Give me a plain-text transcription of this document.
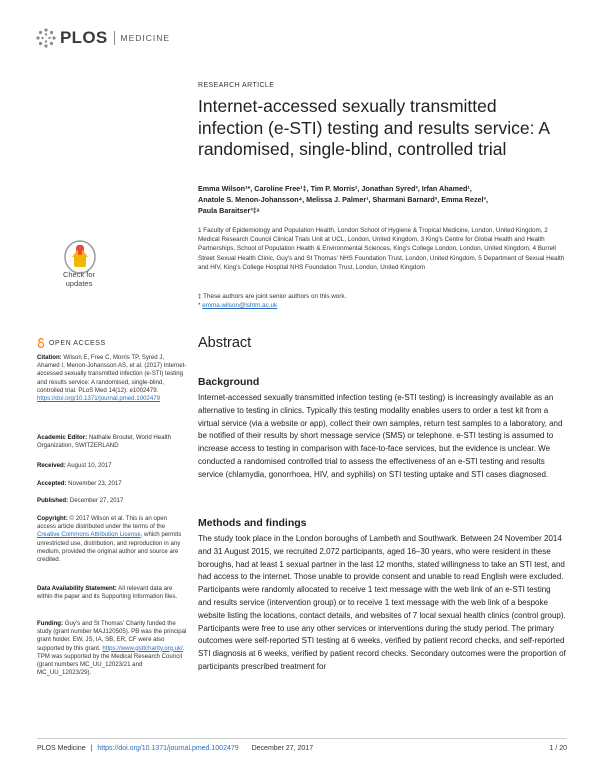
PLOS MEDICINE
Check for
updates
OPEN ACCESS
Citation: Wilson E, Free C, Morris TP, Syred J, Ahamed I, Menon-Johansson AS, et al. (2017) Internet-accessed sexually transmitted infection (e-STI) testing and results service: A randomised, single-blind, controlled trial. PLoS Med 14(12): e1002479. https://doi.org/10.1371/journal.pmed.1002479
Academic Editor: Nathalie Broutet, World Health Organization, SWITZERLAND
Received: August 10, 2017
Accepted: November 23, 2017
Published: December 27, 2017
Copyright: © 2017 Wilson et al. This is an open access article distributed under the terms of the Creative Commons Attribution License, which permits unrestricted use, distribution, and reproduction in any medium, provided the original author and source are credited.
Data Availability Statement: All relevant data are within the paper and its Supporting Information files.
Funding: Guy's and St Thomas' Charity funded the study (grant number MAJ120505). PB was the principal grant holder. EW, JS, IA, SB, ER, CF were also supported by this grant. https://www.gsttcharity.org.uk/. TPM was supported by the Medical Research Council (grant numbers MC_UU_12023/21 and MC_UU_12023/29).
RESEARCH ARTICLE
Internet-accessed sexually transmitted infection (e-STI) testing and results service: A randomised, single-blind, controlled trial
Emma Wilson¹*, Caroline Free¹‡, Tim P. Morris², Jonathan Syred³, Irfan Ahamed¹,
Anatole S. Menon-Johansson⁴, Melissa J. Palmer¹, Sharmani Barnard³, Emma Rezel³,
Paula Baraitser³‡ᵃ
1 Faculty of Epidemiology and Population Health, London School of Hygiene & Tropical Medicine, London, United Kingdom, 2 Medical Research Council Clinical Trials Unit at UCL, London, United Kingdom, 3 King's Centre for Global Health and Health Partnerships, School of Population Health & Environmental Sciences, King's College London, London, United Kingdom, 4 Burrell Street Sexual Health Clinic, Guy's and St Thomas' NHS Foundation Trust, London, United Kingdom, 5 Department of Sexual Health and HIV, King's College Hospital NHS Foundation Trust, London, United Kingdom
‡ These authors are joint senior authors on this work.
* emma.wilson@lshtm.ac.uk
Abstract
Background
Internet-accessed sexually transmitted infection testing (e-STI testing) is increasingly available as an alternative to testing in clinics. Typically this testing modality enables users to order a test kit from a virtual service (via a website or app), collect their own samples, return test samples to a laboratory, and be notified of their results by short message service (SMS) or telephone. e-STI testing is assumed to increase access to testing in comparison with face-to-face services, but the evidence is unclear. We conducted a randomised controlled trial to assess the effectiveness of an e-STI testing and results service (chlamydia, gonorrhoea, HIV, and syphilis) on STI testing uptake and STI cases diagnosed.
Methods and findings
The study took place in the London boroughs of Lambeth and Southwark. Between 24 November 2014 and 31 August 2015, we recruited 2,072 participants, aged 16–30 years, who were resident in these boroughs, had at least 1 sexual partner in the last 12 months, stated willingness to take an STI test, and had access to the internet. Those unable to provide consent and unable to read English were excluded. Participants were randomly allocated to receive 1 text message with the web link of an e-STI testing and results service (intervention group) or to receive 1 text message with the web link of a bespoke website listing the locations, contact details, and websites of 7 local sexual health clinics (control group). Participants were free to use any other services or interventions during the study period. The primary outcomes were self-reported STI testing at 6 weeks, verified by patient record checks, and self-reported STI diagnosis at 6 weeks, verified by patient record checks. Secondary outcomes were the proportion of participants prescribed treatment for
PLOS Medicine | https://doi.org/10.1371/journal.pmed.1002479 December 27, 2017	1 / 20
